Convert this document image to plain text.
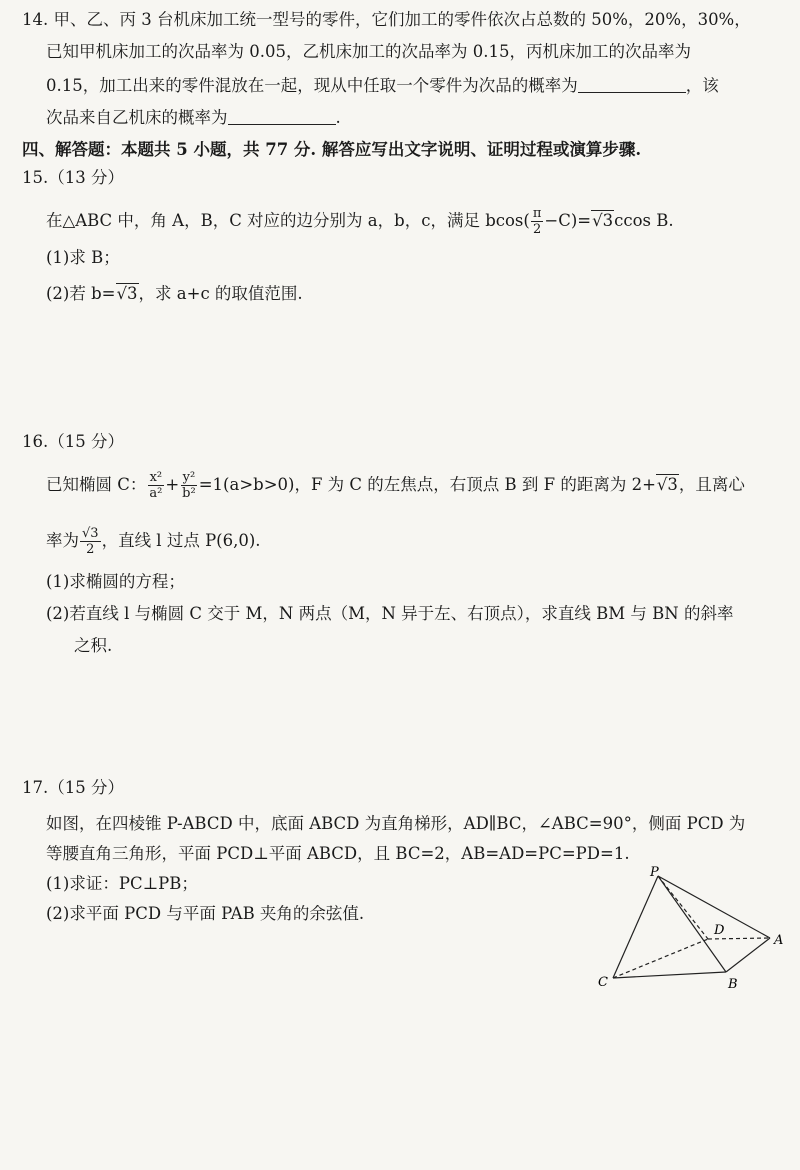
14. 甲、乙、丙 3 台机床加工统一型号的零件，它们加工的零件依次占总数的 50%，20%，30%，
已知甲机床加工的次品率为 0.05，乙机床加工的次品率为 0.15，丙机床加工的次品率为
0.15，加工出来的零件混放在一起，现从中任取一个零件为次品的概率为	，该
次品来自乙机床的概率为	.
四、解答题：本题共 5 小题，共 77 分. 解答应写出文字说明、证明过程或演算步骤.
15.（13 分）
在△ABC 中，角 A，B，C 对应的边分别为 a，b，c，满足 $bcos( \frac{\pi}{2} -C)=√3ccos$ B.
(1)求 B；
(2)若 b=√3，求 a+c 的取值范围.
16.（15 分）
已知椭圆 C： $\frac{\text{x²}}{\text{a²}} + \frac{\text{y²}}{\text{b²}} =1(a>b>0)$，F 为 C 的左焦点，右顶点 B 到 F 的距离为 2+√3，且离心
率为 $\frac{√3}{2}$ ，直线 l 过点 P(6,0).
(1)求椭圆的方程；
(2)若直线 l 与椭圆 C 交于 M，N 两点（M，N 异于左、右顶点），求直线 BM 与 BN 的斜率
之积.
17.（15 分）
如图，在四棱锥 P-ABCD 中，底面 ABCD 为直角梯形，AD∥BC，∠ABC=90°，侧面 PCD 为
等腰直角三角形，平面 PCD⊥平面 ABCD，且 BC=2，AB=AD=PC=PD=1.
(1)求证：PC⊥PB；
(2)求平面 PCD 与平面 PAB 夹角的余弦值.
P
D
A
C	B
